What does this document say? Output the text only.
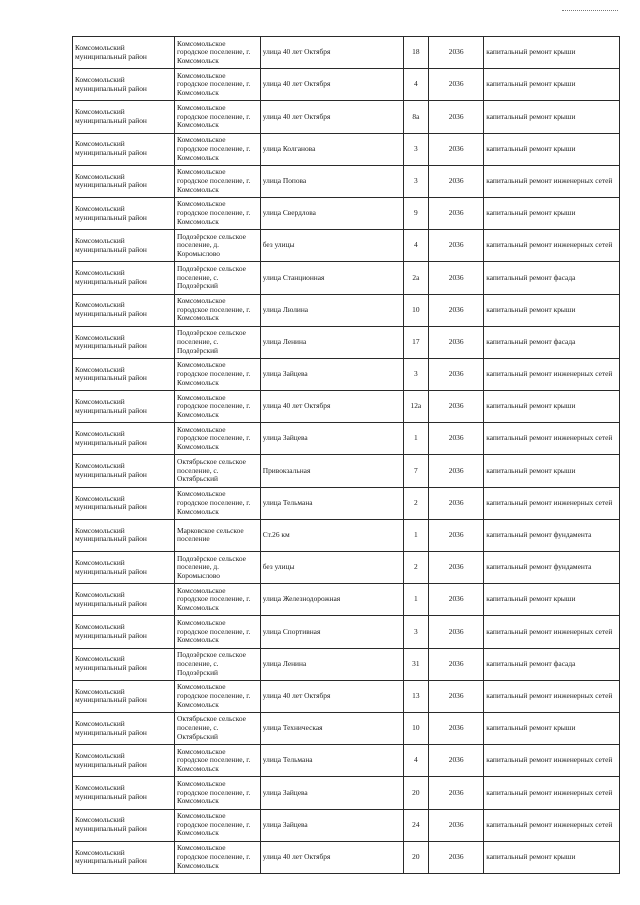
Комсомольский муниципальный район	Комсомольское городское поселение, г. Комсомольск	улица 40 лет Октября	18	2036	капитальный ремонт крыши
Комсомольский муниципальный район	Комсомольское городское поселение, г. Комсомольск	улица 40 лет Октября	4	2036	капитальный ремонт крыши
Комсомольский муниципальный район	Комсомольское городское поселение, г. Комсомольск	улица 40 лет Октября	8а	2036	капитальный ремонт крыши
Комсомольский муниципальный район	Комсомольское городское поселение, г. Комсомольск	улица Колганова	3	2036	капитальный ремонт крыши
Комсомольский муниципальный район	Комсомольское городское поселение, г. Комсомольск	улица Попова	3	2036	капитальный ремонт инженерных сетей
Комсомольский муниципальный район	Комсомольское городское поселение, г. Комсомольск	улица Свердлова	9	2036	капитальный ремонт крыши
Комсомольский муниципальный район	Подозёрское сельское поселение, д. Коромыслово	без улицы	4	2036	капитальный ремонт инженерных сетей
Комсомольский муниципальный район	Подозёрское сельское поселение, с. Подозёрский	улица Станционная	2а	2036	капитальный ремонт фасада
Комсомольский муниципальный район	Комсомольское городское поселение, г. Комсомольск	улица Люлина	10	2036	капитальный ремонт крыши
Комсомольский муниципальный район	Подозёрское сельское поселение, с. Подозёрский	улица Ленина	17	2036	капитальный ремонт фасада
Комсомольский муниципальный район	Комсомольское городское поселение, г. Комсомольск	улица Зайцева	3	2036	капитальный ремонт инженерных сетей
Комсомольский муниципальный район	Комсомольское городское поселение, г. Комсомольск	улица 40 лет Октября	12а	2036	капитальный ремонт крыши
Комсомольский муниципальный район	Комсомольское городское поселение, г. Комсомольск	улица Зайцева	1	2036	капитальный ремонт инженерных сетей
Комсомольский муниципальный район	Октябрьское сельское поселение, с. Октябрьский	Привокзальная	7	2036	капитальный ремонт крыши
Комсомольский муниципальный район	Комсомольское городское поселение, г. Комсомольск	улица Тельмана	2	2036	капитальный ремонт инженерных сетей
Комсомольский муниципальный район	Марковское сельское поселение	Ст.26 км	1	2036	капитальный ремонт фундамента
Комсомольский муниципальный район	Подозёрское сельское поселение, д. Коромыслово	без улицы	2	2036	капитальный ремонт фундамента
Комсомольский муниципальный район	Комсомольское городское поселение, г. Комсомольск	улица Железнодорожная	1	2036	капитальный ремонт крыши
Комсомольский муниципальный район	Комсомольское городское поселение, г. Комсомольск	улица Спортивная	3	2036	капитальный ремонт инженерных сетей
Комсомольский муниципальный район	Подозёрское сельское поселение, с. Подозёрский	улица Ленина	31	2036	капитальный ремонт фасада
Комсомольский муниципальный район	Комсомольское городское поселение, г. Комсомольск	улица 40 лет Октября	13	2036	капитальный ремонт инженерных сетей
Комсомольский муниципальный район	Октябрьское сельское поселение, с. Октябрьский	улица Техническая	10	2036	капитальный ремонт крыши
Комсомольский муниципальный район	Комсомольское городское поселение, г. Комсомольск	улица Тельмана	4	2036	капитальный ремонт инженерных сетей
Комсомольский муниципальный район	Комсомольское городское поселение, г. Комсомольск	улица Зайцева	20	2036	капитальный ремонт инженерных сетей
Комсомольский муниципальный район	Комсомольское городское поселение, г. Комсомольск	улица Зайцева	24	2036	капитальный ремонт инженерных сетей
Комсомольский муниципальный район	Комсомольское городское поселение, г. Комсомольск	улица 40 лет Октября	20	2036	капитальный ремонт крыши
